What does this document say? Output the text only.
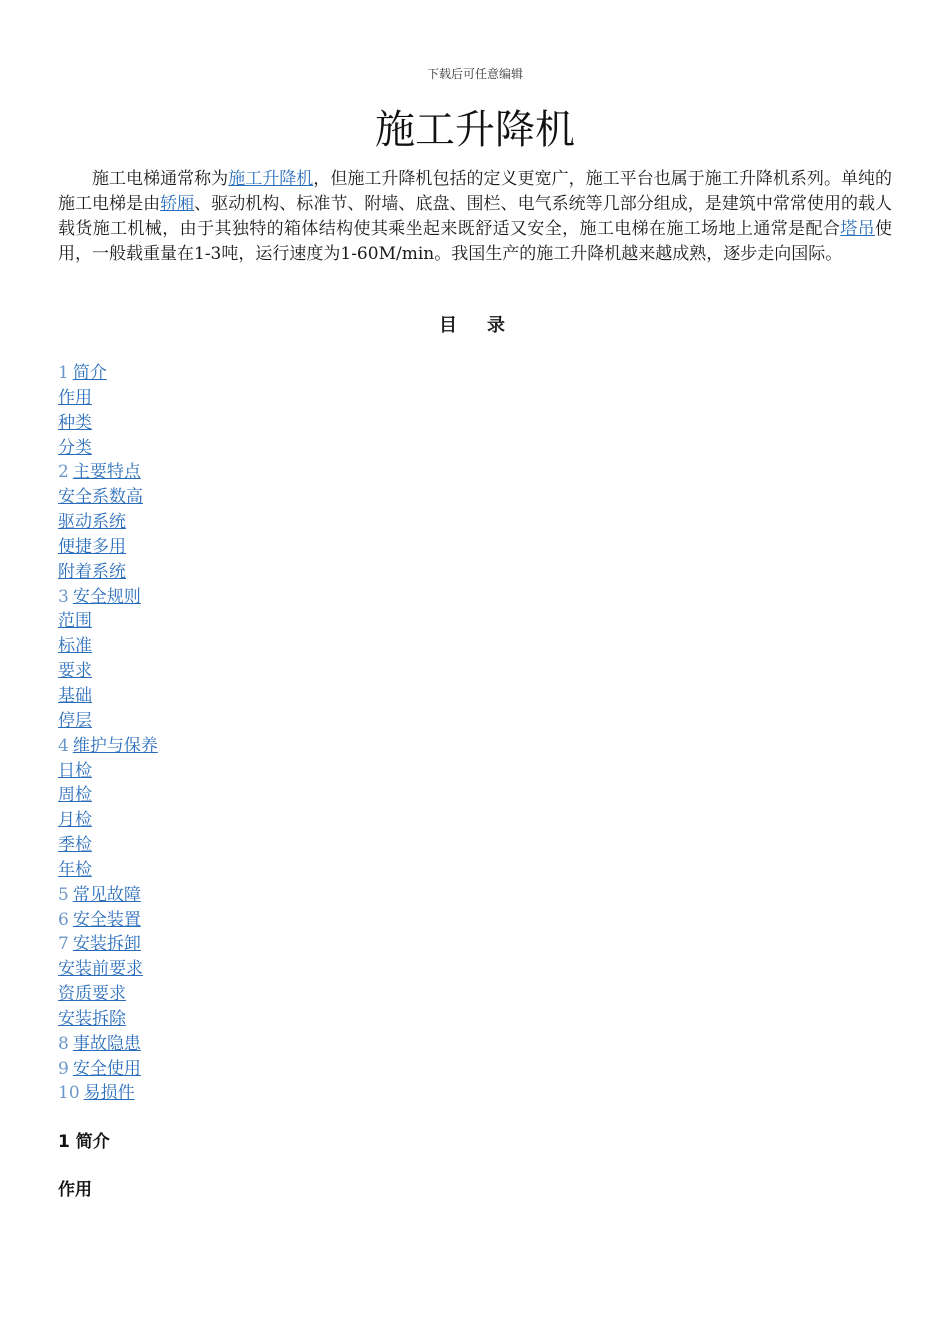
下载后可任意编辑
施工升降机

施工电梯通常称为施工升降机，但施工升降机包括的定义更宽广，施工平台也属于施工升降机系列。单纯的施工电梯是由轿厢、驱动机构、标准节、附墙、底盘、围栏、电气系统等几部分组成，是建筑中常常使用的载人载货施工机械，由于其独特的箱体结构使其乘坐起来既舒适又安全，施工电梯在施工场地上通常是配合塔吊使用，一般载重量在1-3吨，运行速度为1-60M/min。我国生产的施工升降机越来越成熟，逐步走向国际。

目　录
1 简介
作用
种类
分类
2 主要特点
安全系数高
驱动系统
便捷多用
附着系统
3 安全规则
范围
标准
要求
基础
停层
4 维护与保养
日检
周检
月检
季检
年检
5 常见故障
6 安全装置
7 安装拆卸
安装前要求
资质要求
安装拆除
8 事故隐患
9 安全使用
10 易损件
1 简介
作用
